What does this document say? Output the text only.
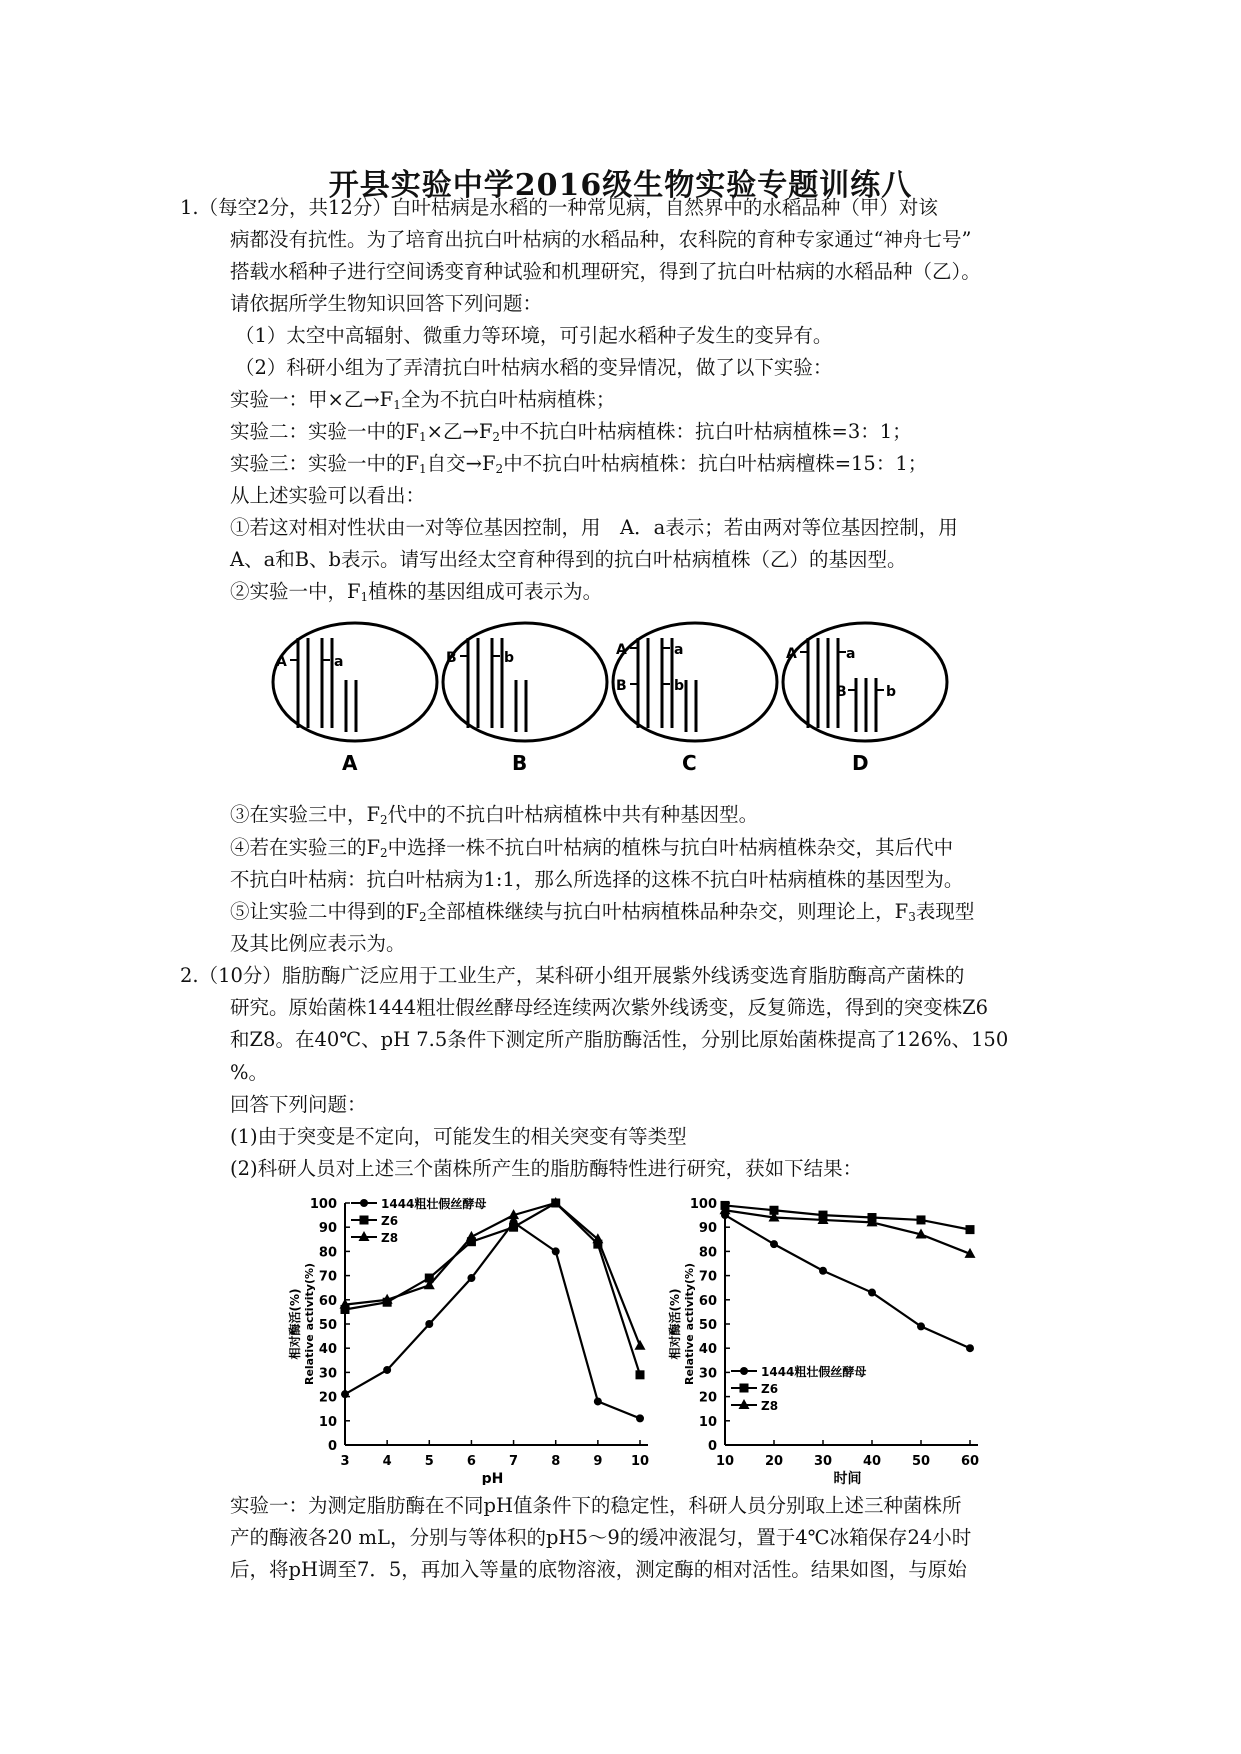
开县实验中学2016级生物实验专题训练八
1.（每空2分，共12分）白叶枯病是水稻的一种常见病，自然界中的水稻品种（甲）对该
病都没有抗性。为了培育出抗白叶枯病的水稻品种，农科院的育种专家通过“神舟七号”
搭载水稻种子进行空间诱变育种试验和机理研究，得到了抗白叶枯病的水稻品种（乙）。
请依据所学生物知识回答下列问题：
（1）太空中高辐射、微重力等环境，可引起水稻种子发生的变异有。
（2）科研小组为了弄清抗白叶枯病水稻的变异情况，做了以下实验：
实验一：甲×乙$\to F_1$全为不抗白叶枯病植株；
实验二：实验一中的$F_1\times$乙$\to F_2$中不抗白叶枯病植株：抗白叶枯病植株=3：1；
实验三：实验一中的$F_1$自交$\to F_2$中不抗白叶枯病植株：抗白叶枯病檀株=15：1；
从上述实验可以看出：
①若这对相对性状由一对等位基因控制，用　A．a表示；若由两对等位基因控制，用
A、a和B、b表示。请写出经太空育种得到的抗白叶枯病植株（乙）的基因型。
②实验一中，$F_1$植株的基因组成可表示为。
A	a
A
B	b
B
A	a
B	b
C
A	a
B	b
D
③在实验三中，$F_2$代中的不抗白叶枯病植株中共有种基因型。
④若在实验三的$F_2$中选择一株不抗白叶枯病的植株与抗白叶枯病植株杂交，其后代中
不抗白叶枯病：抗白叶枯病为1:1，那么所选择的这株不抗白叶枯病植株的基因型为。
⑤让实验二中得到的$F_2$全部植株继续与抗白叶枯病植株品种杂交，则理论上，$F_3$表现型
及其比例应表示为。
2.（10分）脂肪酶广泛应用于工业生产，某科研小组开展紫外线诱变选育脂肪酶高产菌株的
研究。原始菌株1444粗壮假丝酵母经连续两次紫外线诱变，反复筛选，得到的突变株Z6
和Z8。在40℃、pH 7.5条件下测定所产脂肪酶活性，分别比原始菌株提高了126%、150
%。
回答下列问题：
(1)由于突变是不定向，可能发生的相关突变有等类型
(2)科研人员对上述三个菌株所产生的脂肪酶特性进行研究，获如下结果：
0
10
20
30
40
50
60
70
80
90
100
3	4	5	6	7	8	9 10
pH
相对酶活(%) Relative activity(%)
1444粗壮假丝酵母
Z6
Z8
0
10
20
30
40
50
60
70
80
90
100
10 20 30 40 50 60
时间
相对酶活(%) Relative activity(%)	1444粗壮假丝酵母
Z6
Z8
实验一：为测定脂肪酶在不同pH值条件下的稳定性，科研人员分别取上述三种菌株所
产的酶液各20 mL，分别与等体积的pH5～9的缓冲液混匀，置于4℃冰箱保存24小时
后，将pH调至7．5，再加入等量的底物溶液，测定酶的相对活性。结果如图，与原始
